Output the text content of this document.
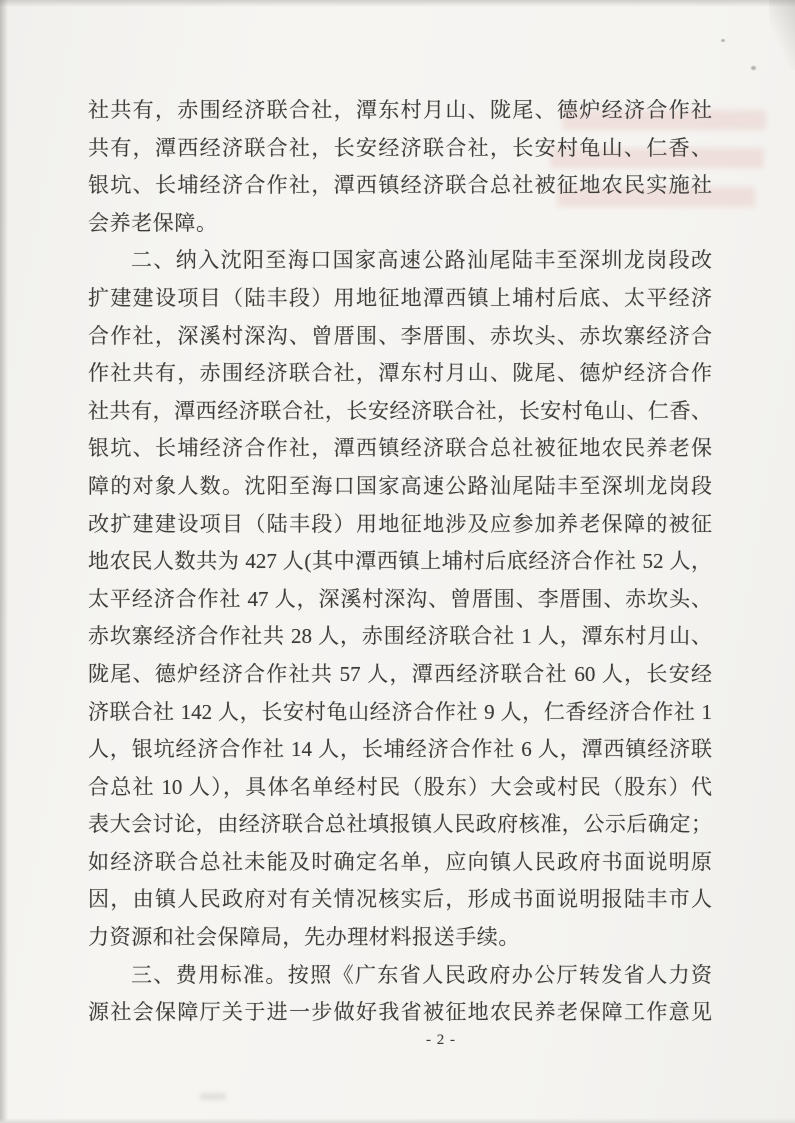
社共有，赤围经济联合社，潭东村月山、陇尾、德炉经济合作社
共有，潭西经济联合社，长安经济联合社，长安村龟山、仁香、
银坑、长埔经济合作社，潭西镇经济联合总社被征地农民实施社
会养老保障。
二、纳入沈阳至海口国家高速公路汕尾陆丰至深圳龙岗段改
扩建建设项目（陆丰段）用地征地潭西镇上埔村后底、太平经济
合作社，深溪村深沟、曾厝围、李厝围、赤坎头、赤坎寨经济合
作社共有，赤围经济联合社，潭东村月山、陇尾、德炉经济合作
社共有，潭西经济联合社，长安经济联合社，长安村龟山、仁香、
银坑、长埔经济合作社，潭西镇经济联合总社被征地农民养老保
障的对象人数。沈阳至海口国家高速公路汕尾陆丰至深圳龙岗段
改扩建建设项目（陆丰段）用地征地涉及应参加养老保障的被征
地农民人数共为 427 人(其中潭西镇上埔村后底经济合作社 52 人，
太平经济合作社 47 人，深溪村深沟、曾厝围、李厝围、赤坎头、
赤坎寨经济合作社共 28 人，赤围经济联合社 1 人，潭东村月山、
陇尾、德炉经济合作社共 57 人，潭西经济联合社 60 人，长安经
济联合社 142 人，长安村龟山经济合作社 9 人，仁香经济合作社 1
人，银坑经济合作社 14 人，长埔经济合作社 6 人，潭西镇经济联
合总社 10 人），具体名单经村民（股东）大会或村民（股东）代
表大会讨论，由经济联合总社填报镇人民政府核准，公示后确定；
如经济联合总社未能及时确定名单，应向镇人民政府书面说明原
因，由镇人民政府对有关情况核实后，形成书面说明报陆丰市人
力资源和社会保障局，先办理材料报送手续。
三、费用标准。按照《广东省人民政府办公厅转发省人力资
源社会保障厅关于进一步做好我省被征地农民养老保障工作意见
- 2 -
